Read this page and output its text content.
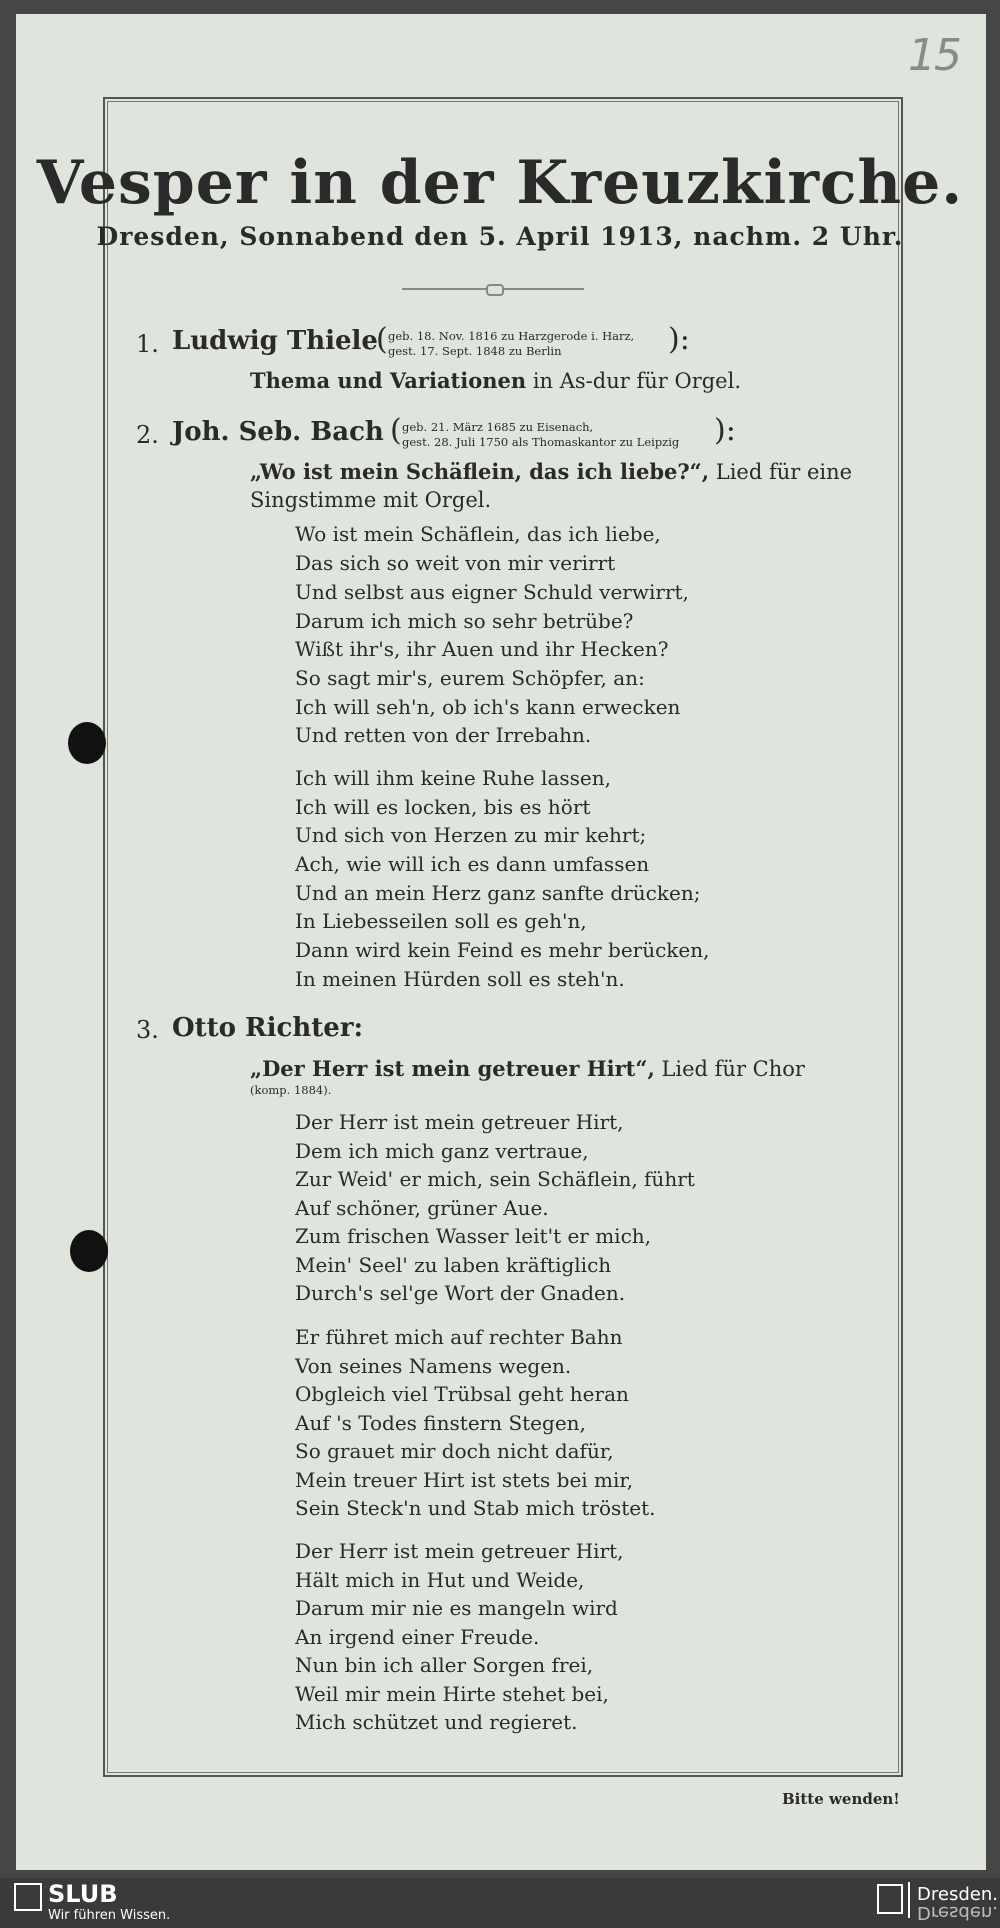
15
Vesper in der Kreuzkirche.
Dresden, Sonnabend den 5. April 1913, nachm. 2 Uhr.
1. Ludwig Thiele
( geb. 18. Nov. 1816 zu Harzgerode i. Harz,
gest. 17. Sept. 1848 zu Berlin	):
Thema und Variationen in As-dur für Orgel.
2. Joh. Seb. Bach ( geb. 21. März 1685 zu Eisenach,
gest. 28. Juli 1750 als Thomaskantor zu Leipzig ):
„Wo ist mein Schäflein, das ich liebe?“, Lied für eine
Singstimme mit Orgel.
Wo ist mein Schäflein, das ich liebe,
Das sich so weit von mir verirrt
Und selbst aus eigner Schuld verwirrt,
Darum ich mich so sehr betrübe?
Wißt ihr's, ihr Auen und ihr Hecken?
So sagt mir's, eurem Schöpfer, an:
Ich will seh'n, ob ich's kann erwecken
Und retten von der Irrebahn.
Ich will ihm keine Ruhe lassen,
Ich will es locken, bis es hört
Und sich von Herzen zu mir kehrt;
Ach, wie will ich es dann umfassen
Und an mein Herz ganz sanfte drücken;
In Liebesseilen soll es geh'n,
Dann wird kein Feind es mehr berücken,
In meinen Hürden soll es steh'n.
3. Otto Richter:
„Der Herr ist mein getreuer Hirt“, Lied für Chor
(komp. 1884).
Der Herr ist mein getreuer Hirt,
Dem ich mich ganz vertraue,
Zur Weid' er mich, sein Schäflein, führt
Auf schöner, grüner Aue.
Zum frischen Wasser leit't er mich,
Mein' Seel' zu laben kräftiglich
Durch's sel'ge Wort der Gnaden.
Er führet mich auf rechter Bahn
Von seines Namens wegen.
Obgleich viel Trübsal geht heran
Auf 's Todes finstern Stegen,
So grauet mir doch nicht dafür,
Mein treuer Hirt ist stets bei mir,
Sein Steck'n und Stab mich tröstet.
Der Herr ist mein getreuer Hirt,
Hält mich in Hut und Weide,
Darum mir nie es mangeln wird
An irgend einer Freude.
Nun bin ich aller Sorgen frei,
Weil mir mein Hirte stehet bei,
Mich schützet und regieret.
Bitte wenden!
SLUB
Wir führen Wissen.
Dresden.
Dresden.
